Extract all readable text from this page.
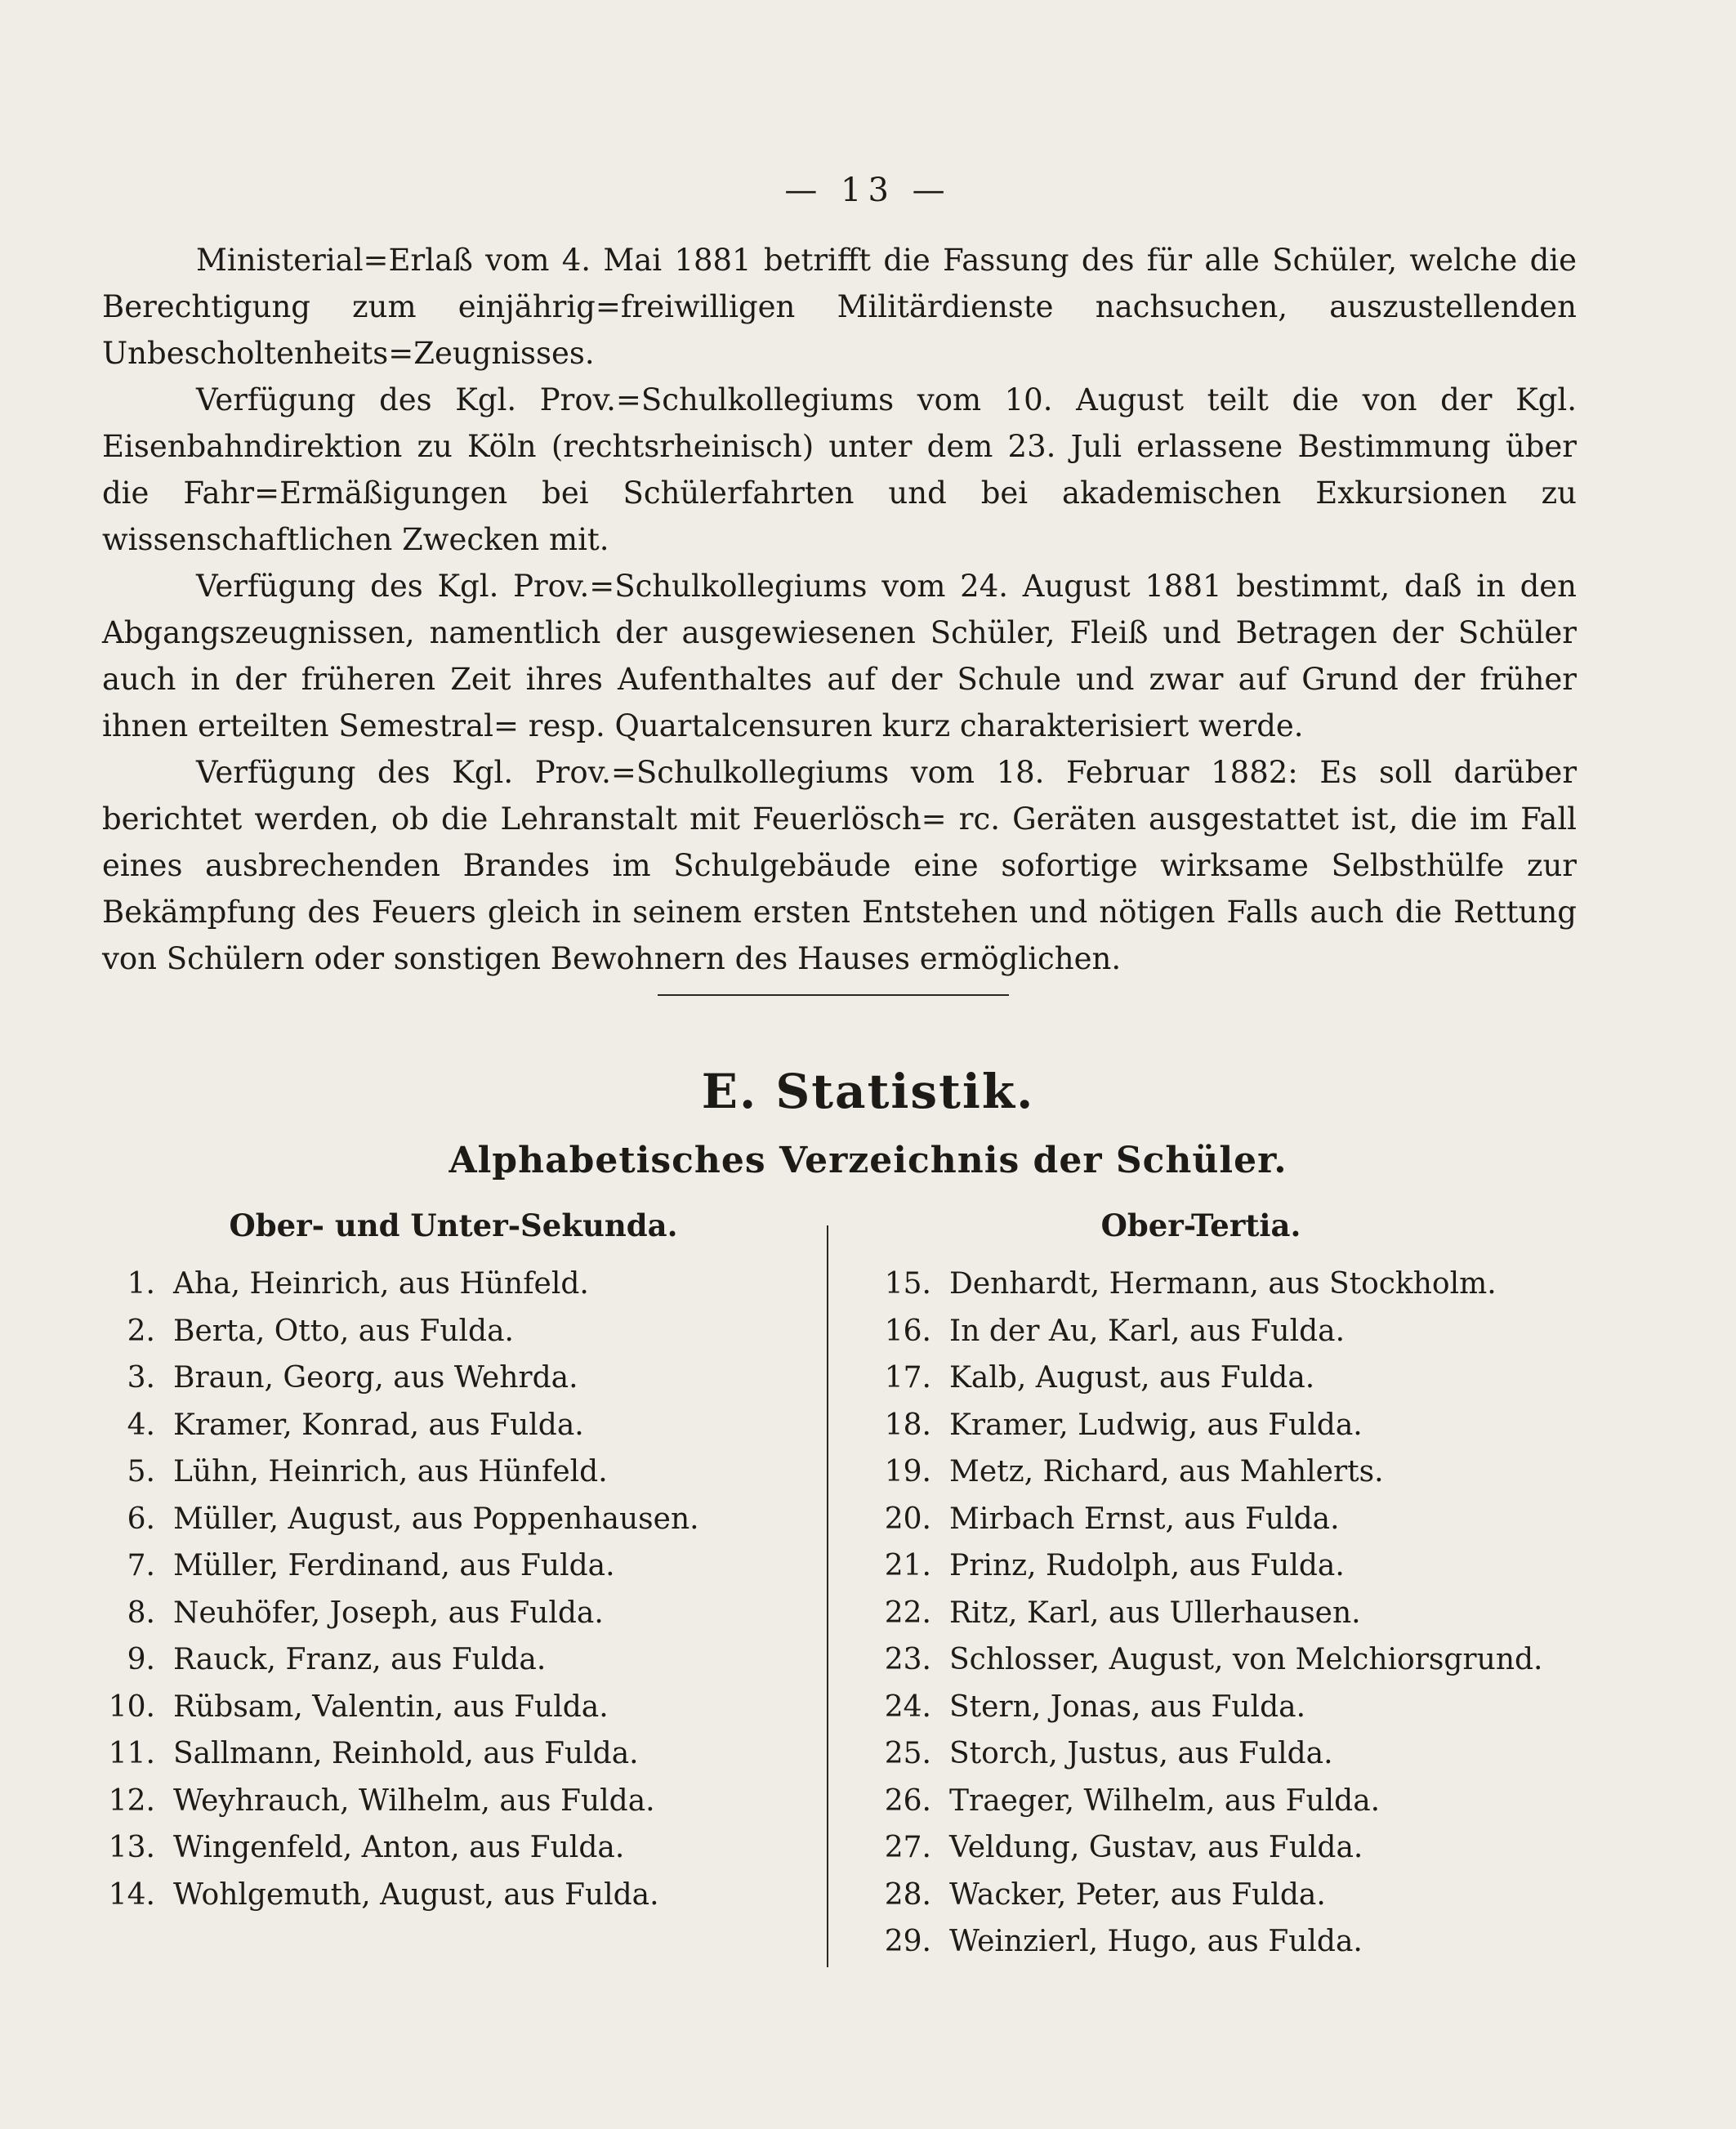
— 13 —

Ministerial=Erlaß vom 4. Mai 1881 betrifft die Fassung des für alle Schüler, welche die Berechtigung zum einjährig=freiwilligen Militärdienste nachsuchen, auszustellenden Unbescholtenheits=Zeugnisses.

Verfügung des Kgl. Prov.=Schulkollegiums vom 10. August teilt die von der Kgl. Eisenbahndirektion zu Köln (rechtsrheinisch) unter dem 23. Juli erlassene Bestimmung über die Fahr=Ermäßigungen bei Schülerfahrten und bei akademischen Exkursionen zu wissenschaftlichen Zwecken mit.

Verfügung des Kgl. Prov.=Schulkollegiums vom 24. August 1881 bestimmt, daß in den Abgangszeugnissen, namentlich der ausgewiesenen Schüler, Fleiß und Betragen der Schüler auch in der früheren Zeit ihres Aufenthaltes auf der Schule und zwar auf Grund der früher ihnen erteilten Semestral= resp. Quartalcensuren kurz charakterisiert werde.

Verfügung des Kgl. Prov.=Schulkollegiums vom 18. Februar 1882: Es soll darüber berichtet werden, ob die Lehranstalt mit Feuerlösch= rc. Geräten ausgestattet ist, die im Fall eines ausbrechenden Brandes im Schulgebäude eine sofortige wirksame Selbsthülfe zur Bekämpfung des Feuers gleich in seinem ersten Entstehen und nötigen Falls auch die Rettung von Schülern oder sonstigen Bewohnern des Hauses ermöglichen.

E. Statistik.
Alphabetisches Verzeichnis der Schüler.
Ober- und Unter-Sekunda.	Ober-Tertia.
1. Aha, Heinrich, aus Hünfeld.
2. Berta, Otto, aus Fulda.
3. Braun, Georg, aus Wehrda.
4. Kramer, Konrad, aus Fulda.
5. Lühn, Heinrich, aus Hünfeld.
6. Müller, August, aus Poppenhausen.
7. Müller, Ferdinand, aus Fulda.
8. Neuhöfer, Joseph, aus Fulda.
9. Rauck, Franz, aus Fulda.
10. Rübsam, Valentin, aus Fulda.
11. Sallmann, Reinhold, aus Fulda.
12. Weyhrauch, Wilhelm, aus Fulda.
13. Wingenfeld, Anton, aus Fulda.
14. Wohlgemuth, August, aus Fulda.
15. Denhardt, Hermann, aus Stockholm.
16. In der Au, Karl, aus Fulda.
17. Kalb, August, aus Fulda.
18. Kramer, Ludwig, aus Fulda.
19. Metz, Richard, aus Mahlerts.
20. Mirbach Ernst, aus Fulda.
21. Prinz, Rudolph, aus Fulda.
22. Ritz, Karl, aus Ullerhausen.
23. Schlosser, August, von Melchiorsgrund.
24. Stern, Jonas, aus Fulda.
25. Storch, Justus, aus Fulda.
26. Traeger, Wilhelm, aus Fulda.
27. Veldung, Gustav, aus Fulda.
28. Wacker, Peter, aus Fulda.
29. Weinzierl, Hugo, aus Fulda.
